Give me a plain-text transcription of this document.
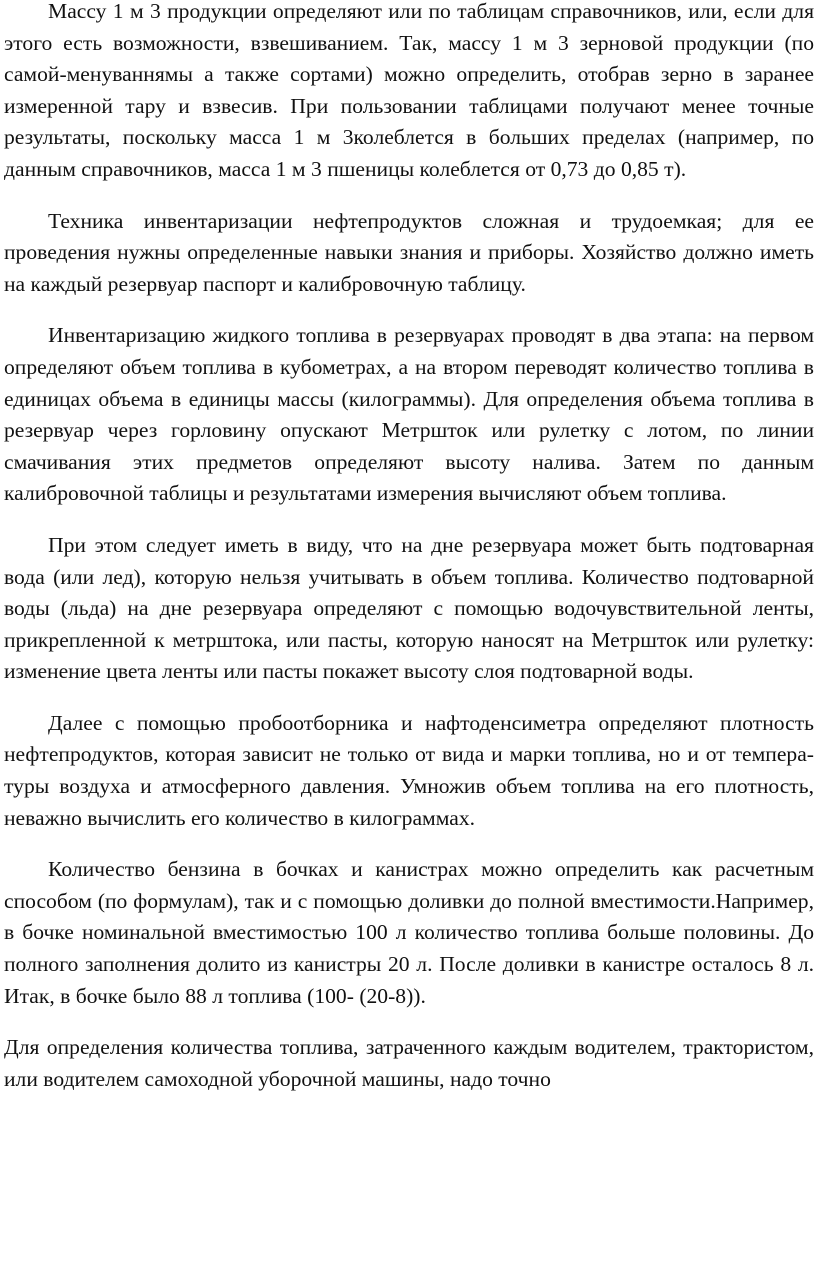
Массу 1 м 3 продукции определяют или по таблицам справочников, или, если для этого есть возможности, взвешиванием. Так, массу 1 м 3 зерновой продукции (по самой-менуваннямы а также сортами) можно определить, отобрав зерно в заранее измеренной тару и взвесив. При пользовании таблицами получают менее точные результаты, поскольку масса 1 м 3колеблется в больших пределах (например, по данным справочников, масса 1 м 3 пшеницы колеблется от 0,73 до 0,85 т).

Техника инвентаризации нефтепродуктов сложная и трудоемкая; для ее проведения нужны определенные навыки знания и приборы. Хозяйство должно иметь на каждый резервуар паспорт и калибровочную таблицу.

Инвентаризацию жидкого топлива в резервуарах проводят в два этапа: на первом определяют объем топлива в кубометрах, а на втором переводят количество топлива в единицах объема в единицы массы (килограммы). Для определения объема топлива в резервуар через горловину опускают Метршток или рулетку с лотом, по линии смачивания этих предметов определяют высоту налива. Затем по данным калибровочной таблицы и результатами измерения вычисляют объем топлива.

При этом следует иметь в виду, что на дне резервуара может быть подтоварная вода (или лед), которую нельзя учитывать в объем топлива. Количество подтоварной воды (льда) на дне резервуара определяют с помощью водочувствительной ленты, прикрепленной к метрштока, или пасты, которую наносят на Метршток или рулетку: изменение цвета ленты или пасты покажет высоту слоя подтоварной воды.

Далее с помощью пробоотборника и нафтоденсиметра определяют плотность нефтепродуктов, которая зависит не только от вида и марки топлива, но и от темпера-туры воздуха и атмосферного давления. Умножив объем топлива на его плотность, неважно вычислить его количество в килограммах.

Количество бензина в бочках и канистрах можно определить как расчетным способом (по формулам), так и с помощью доливки до полной вместимости.Например, в бочке номинальной вместимостью 100 л количество топлива больше половины. До полного заполнения долито из канистры 20 л. После доливки в канистре осталось 8 л. Итак, в бочке было 88 л топлива (100- (20-8)).

Для определения количества топлива, затраченного каждым водителем, трактористом, или водителем самоходной уборочной машины, надо точно
